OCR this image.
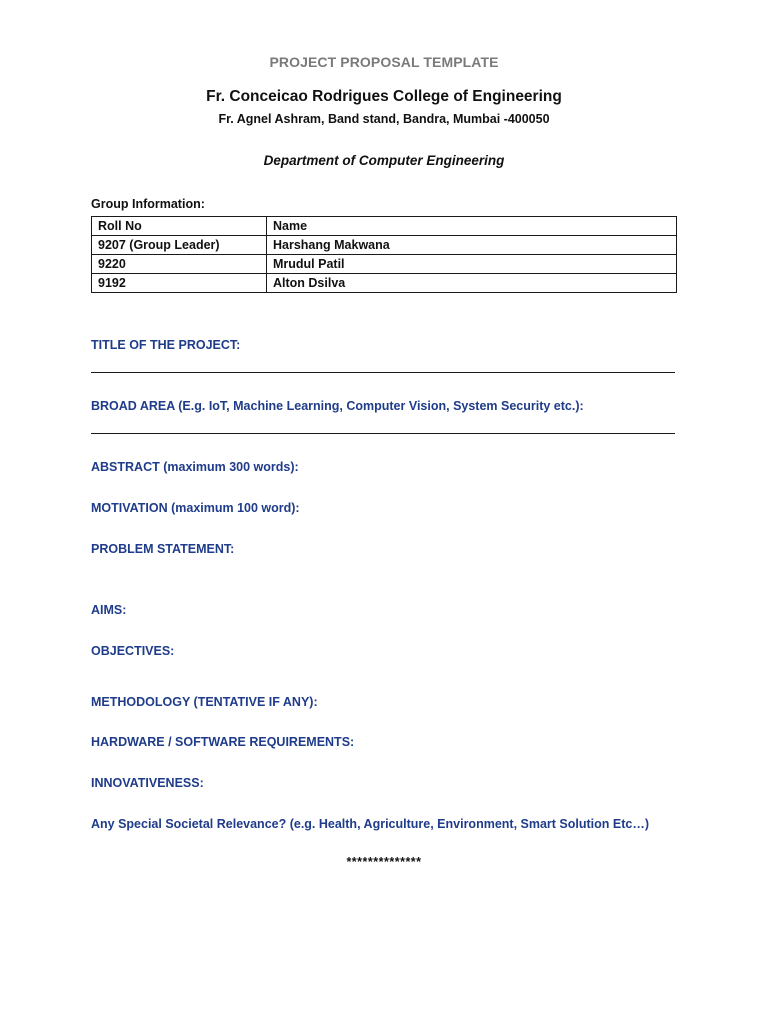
PROJECT PROPOSAL TEMPLATE
Fr. Conceicao Rodrigues College of Engineering
Fr. Agnel Ashram, Band stand, Bandra, Mumbai -400050
Department of Computer Engineering
Group Information:
Roll No	Name
9207 (Group Leader)	Harshang Makwana
9220	Mrudul Patil
9192	Alton Dsilva
TITLE OF THE PROJECT:
BROAD AREA (E.g. IoT, Machine Learning, Computer Vision, System Security etc.):
ABSTRACT (maximum 300 words):
MOTIVATION (maximum 100 word):
PROBLEM STATEMENT:
AIMS:
OBJECTIVES:
METHODOLOGY (TENTATIVE IF ANY):
HARDWARE / SOFTWARE REQUIREMENTS:
INNOVATIVENESS:
Any Special Societal Relevance? (e.g. Health, Agriculture, Environment, Smart Solution Etc…)
**************
